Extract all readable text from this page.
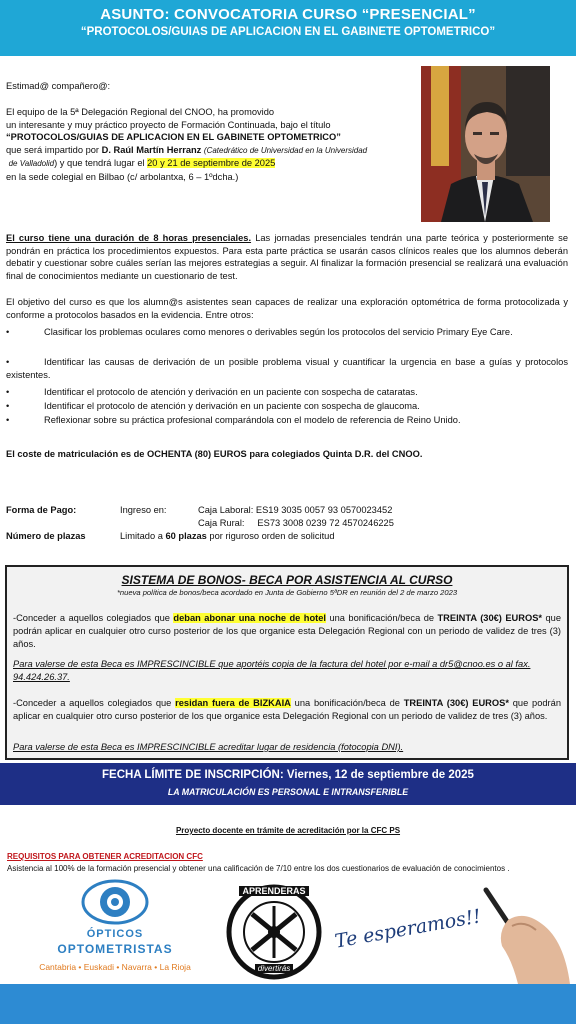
ASUNTO: CONVOCATORIA CURSO “PRESENCIAL”
“PROTOCOLOS/GUIAS DE APLICACION EN EL GABINETE OPTOMETRICO”
Estimad@ compañero@:
El equipo de la 5ª Delegación Regional del CNOO, ha promovido
un interesante y muy práctico proyecto de Formación Continuada, bajo el título
“PROTOCOLOS/GUIAS DE APLICACION EN EL GABINETE OPTOMETRICO”
que será impartido por D. Raúl Martín Herranz (Catedrático de Universidad en la Universidad
de Valladolid) y que tendrá lugar el 20 y 21 de septiembre de 2025
en la sede colegial en Bilbao (c/ arbolantxa, 6 – 1ºdcha.)
El curso tiene una duración de 8 horas presenciales. Las jornadas presenciales tendrán una parte teórica y posteriormente se pondrán en práctica los procedimientos expuestos. Para esta parte práctica se usarán casos clínicos reales que los alumnos deberán debatir y cuestionar sobre cuáles serían las mejores estrategias a seguir. Al finalizar la formación presencial se realizará una evaluación final de conocimientos mediante un cuestionario de test.
El objetivo del curso es que los alumn@s asistentes sean capaces de realizar una exploración optométrica de forma protocolizada y conforme a protocolos basados en la evidencia. Entre otros:
•	Clasificar los problemas oculares como menores o derivables según los protocolos del servicio Primary Eye Care.
•	Identificar las causas de derivación de un posible problema visual y cuantificar la urgencia en base a guías y protocolos existentes.
•	Identificar el protocolo de atención y derivación en un paciente con sospecha de cataratas.
•	Identificar el protocolo de atención y derivación en un paciente con sospecha de glaucoma.
•	Reflexionar sobre su práctica profesional comparándola con el modelo de referencia de Reino Unido.
El coste de matriculación es de OCHENTA (80) EUROS para colegiados Quinta D.R. del CNOO.
Forma de Pago:	Ingreso en:	Caja Laboral: ES19 3035 0057 93 0570023452
Caja Rural:     ES73 3008 0239 72 4570246225
Número de plazas	Limitado a 60 plazas por riguroso orden de solicitud
SISTEMA DE BONOS- BECA POR ASISTENCIA AL CURSO
*nueva política de bonos/beca acordado en Junta de Gobierno 5ªDR en reunión del 2 de marzo 2023
-Conceder a aquellos colegiados que deban abonar una noche de hotel una bonificación/beca de TREINTA (30€) EUROS* que podrán aplicar en cualquier otro curso posterior de los que organice esta Delegación Regional con un periodo de validez de tres (3) años.
Para valerse de esta Beca es IMPRESCINCIBLE que aportéis copia de la factura del hotel por e-mail a dr5@cnoo.es o al fax. 94.424.26.37.
-Conceder a aquellos colegiados que residan fuera de BIZKAIA una bonificación/beca de TREINTA (30€) EUROS* que podrán aplicar en cualquier otro curso posterior de los que organice esta Delegación Regional con un periodo de validez de tres (3) años.
Para valerse de esta Beca es IMPRESCINCIBLE acreditar lugar de residencia (fotocopia DNI).
FECHA LÍMITE DE INSCRIPCIÓN: Viernes, 12 de septiembre de 2025
LA MATRICULACIÓN ES PERSONAL E INTRANSFERIBLE
Proyecto docente en trámite de acreditación por la CFC PS
REQUISITOS PARA OBTENER ACREDITACION CFC
Asistencia al 100% de la formación presencial y obtener una calificación de 7/10 entre los dos cuestionarios de evaluación de conocimientos .
ÓPTICOS
OPTOMETRISTAS
Cantabria • Euskadi • Navarra • La Rioja
APRENDERAS
divertirás
Te esperamos!!
